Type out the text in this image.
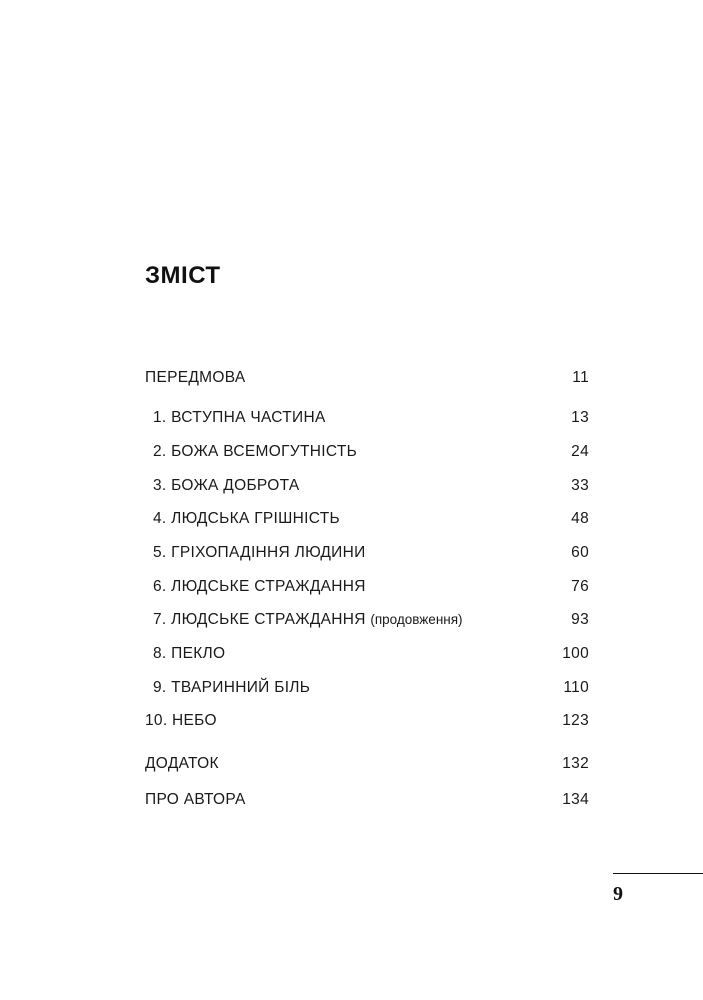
ЗМІСТ
ПЕРЕДМОВА	11
1. ВСТУПНА ЧАСТИНА	13
2. БОЖА ВСЕМОГУТНІСТЬ	24
3. БОЖА ДОБРОТА	33
4. ЛЮДСЬКА ГРІШНІСТЬ	48
5. ГРІХОПАДІННЯ ЛЮДИНИ	60
6. ЛЮДСЬКЕ СТРАЖДАННЯ	76
7. ЛЮДСЬКЕ СТРАЖДАННЯ (продовження)	93
8. ПЕКЛО	100
9. ТВАРИННИЙ БІЛЬ	110
10. НЕБО	123
ДОДАТОК	132
ПРО АВТОРА	134
9
